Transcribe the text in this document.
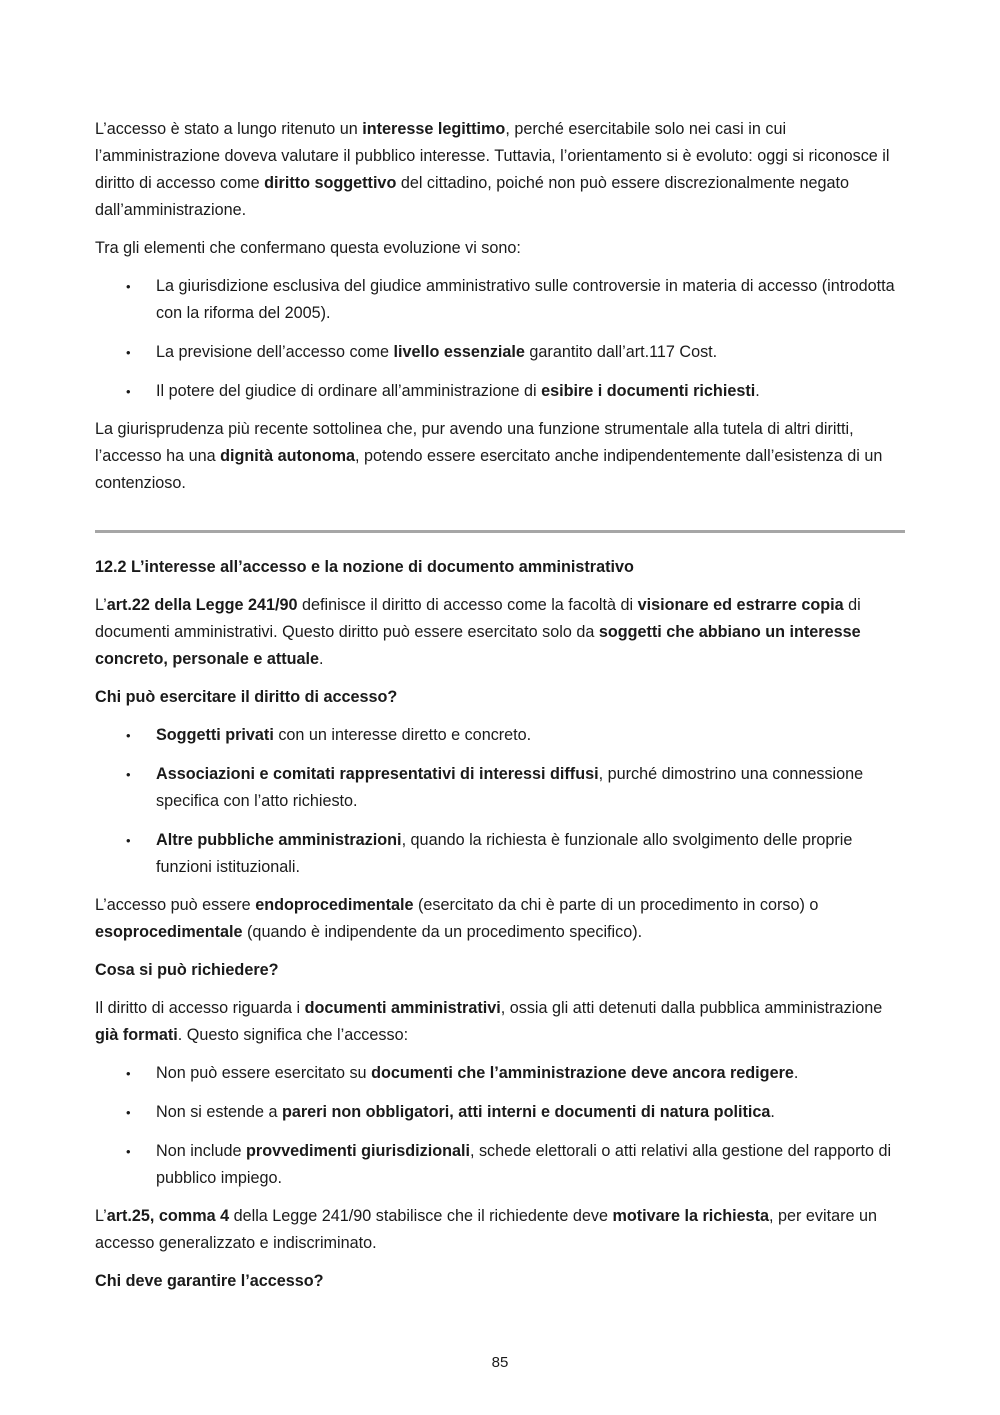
L’accesso è stato a lungo ritenuto un interesse legittimo, perché esercitabile solo nei casi in cui l’amministrazione doveva valutare il pubblico interesse. Tuttavia, l’orientamento si è evoluto: oggi si riconosce il diritto di accesso come diritto soggettivo del cittadino, poiché non può essere discrezionalmente negato dall’amministrazione.

Tra gli elementi che confermano questa evoluzione vi sono:

• La giurisdizione esclusiva del giudice amministrativo sulle controversie in materia di accesso (introdotta con la riforma del 2005).
• La previsione dell’accesso come livello essenziale garantito dall’art.117 Cost.
• Il potere del giudice di ordinare all’amministrazione di esibire i documenti richiesti.

La giurisprudenza più recente sottolinea che, pur avendo una funzione strumentale alla tutela di altri diritti, l’accesso ha una dignità autonoma, potendo essere esercitato anche indipendentemente dall’esistenza di un contenzioso.

12.2 L’interesse all’accesso e la nozione di documento amministrativo

L’art.22 della Legge 241/90 definisce il diritto di accesso come la facoltà di visionare ed estrarre copia di documenti amministrativi. Questo diritto può essere esercitato solo da soggetti che abbiano un interesse concreto, personale e attuale.

Chi può esercitare il diritto di accesso?

• Soggetti privati con un interesse diretto e concreto.
• Associazioni e comitati rappresentativi di interessi diffusi, purché dimostrino una connessione specifica con l’atto richiesto.
• Altre pubbliche amministrazioni, quando la richiesta è funzionale allo svolgimento delle proprie funzioni istituzionali.

L’accesso può essere endoprocedimentale (esercitato da chi è parte di un procedimento in corso) o esoprocedimentale (quando è indipendente da un procedimento specifico).

Cosa si può richiedere?

Il diritto di accesso riguarda i documenti amministrativi, ossia gli atti detenuti dalla pubblica amministrazione già formati. Questo significa che l’accesso:

• Non può essere esercitato su documenti che l’amministrazione deve ancora redigere.
• Non si estende a pareri non obbligatori, atti interni e documenti di natura politica.
• Non include provvedimenti giurisdizionali, schede elettorali o atti relativi alla gestione del rapporto di pubblico impiego.

L’art.25, comma 4 della Legge 241/90 stabilisce che il richiedente deve motivare la richiesta, per evitare un accesso generalizzato e indiscriminato.

Chi deve garantire l’accesso?

85
